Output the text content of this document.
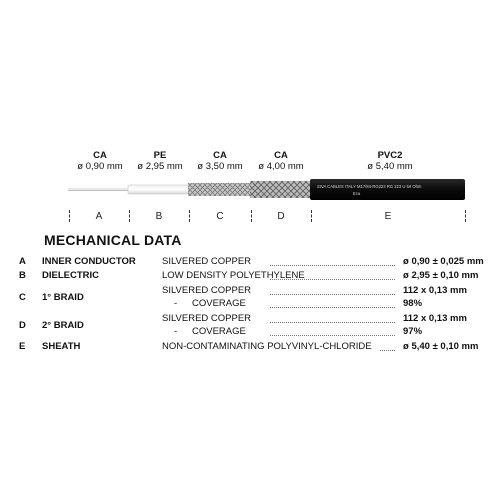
CA
ø 0,90 mm
PE
ø 2,95 mm
CA
ø 3,50 mm
CA
ø 4,00 mm
PVC2
ø 5,40 mm
SIVA CABLES ITALY M17/84-RG223 RG 223 U 50 Ohm
Eca
A	B	C	D	E
MECHANICAL DATA
A INNER CONDUCTOR	SILVERED COPPER	ø 0,90 ± 0,025 mm
B DIELECTRIC	LOW DENSITY POLYETHYLENE	ø 2,95 ± 0,10 mm
C 1° BRAID
SILVERED COPPER	112 x 0,13 mm
- COVERAGE	98%
D 2° BRAID
SILVERED COPPER	112 x 0,13 mm
- COVERAGE	97%
E SHEATH	NON-CONTAMINATING POLYVINYL-CHLORIDE	ø 5,40 ± 0,10 mm
